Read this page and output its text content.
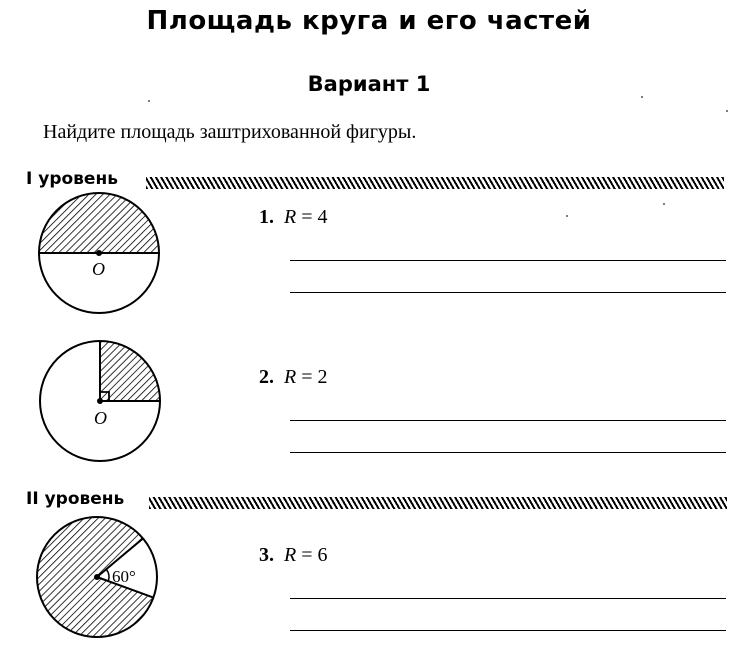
Площадь круга и его частей
Вариант 1
Найдите площадь заштрихованной фигуры.
I уровень
II уровень
O
O
60°
1. R = 4
2. R = 2
3. R = 6
